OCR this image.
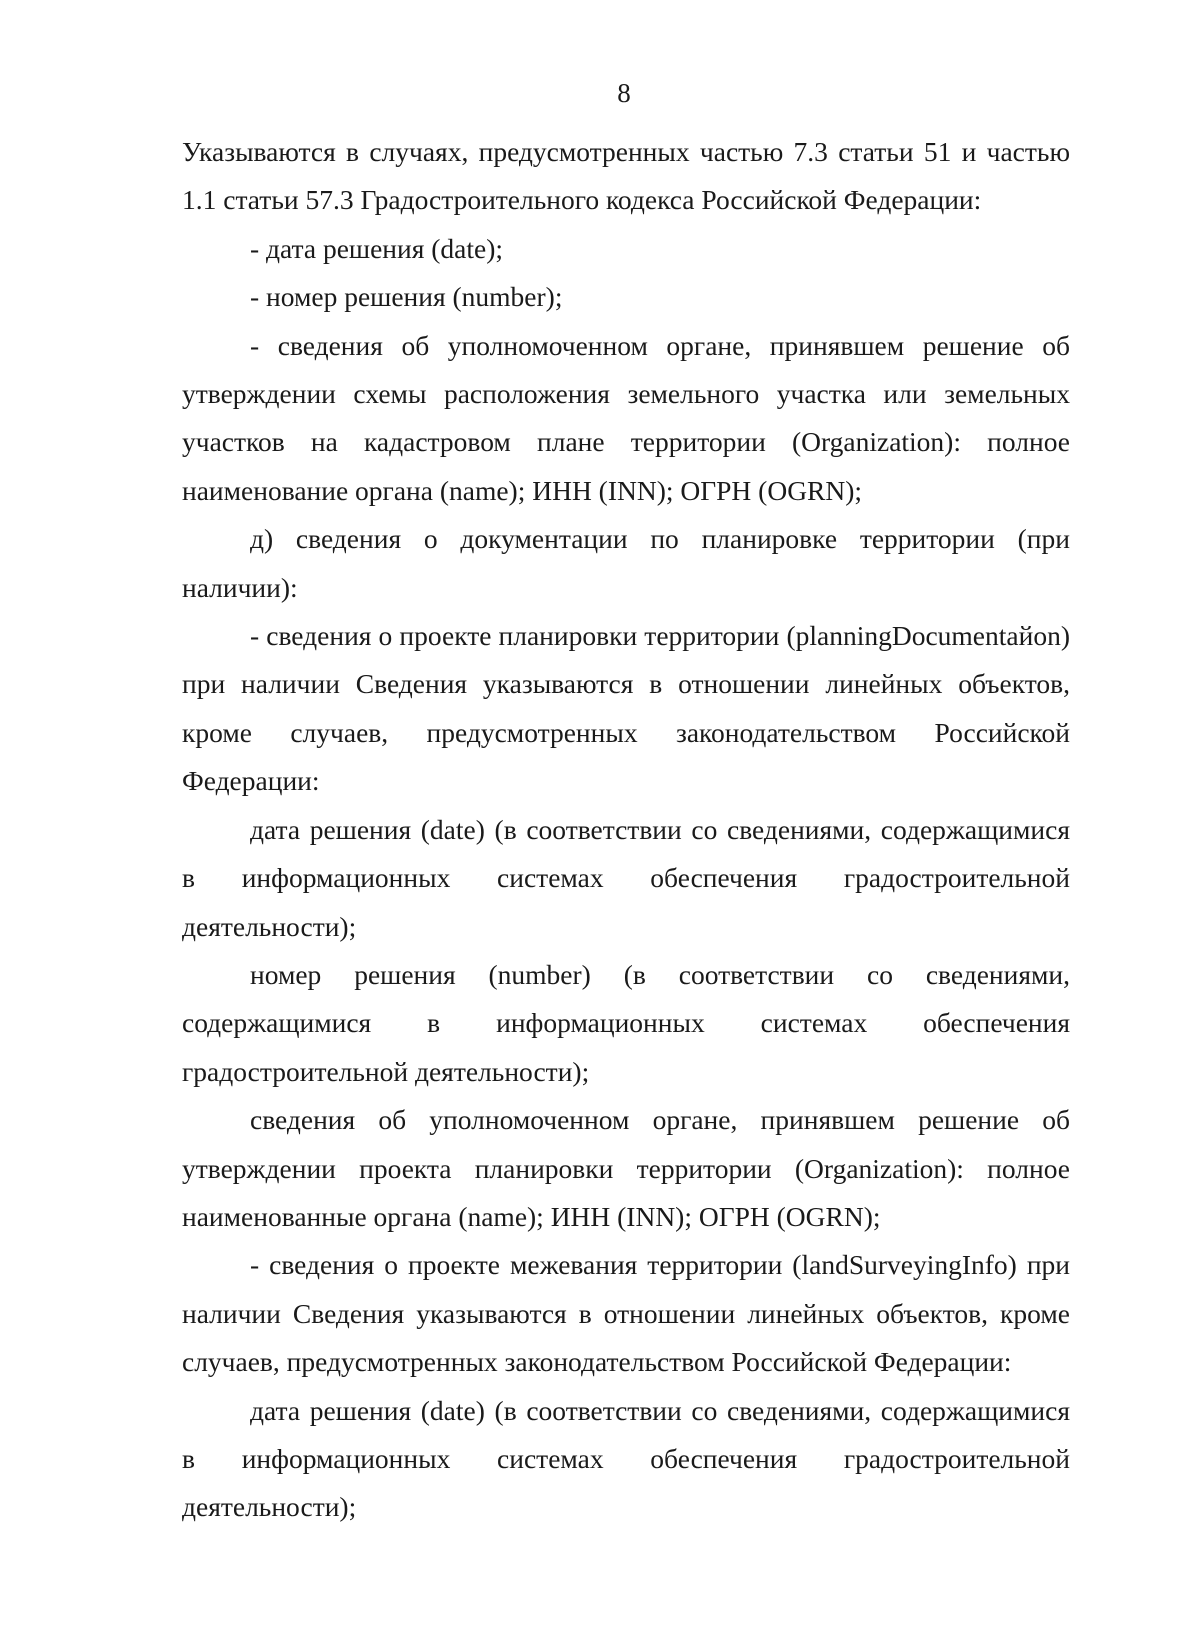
8

Указываются в случаях, предусмотренных частью 7.3 статьи 51 и частью 1.1 статьи 57.3 Градостроительного кодекса Российской Федерации:

- дата решения (date);

- номер решения (number);

- сведения об уполномоченном органе, принявшем решение об утверждении схемы расположения земельного участка или земельных участков на кадастровом плане территории (Organization): полное наименование органа (name); ИНН (INN); ОГРН (OGRN);

д) сведения о документации по планировке территории (при наличии):

- сведения о проекте планировки территории (planningDocumentaйon) при наличии Сведения указываются в отношении линейных объектов, кроме случаев, предусмотренных законодательством Российской Федерации:

дата решения (date) (в соответствии со сведениями, содержащимися в информационных системах обеспечения градостроительной деятельности);

номер решения (number) (в соответствии со сведениями, содержащимися в информационных системах обеспечения градостроительной деятельности);

сведения об уполномоченном органе, принявшем решение об утверждении проекта планировки территории (Organization): полное наименованные органа (name); ИНН (INN); ОГРН (OGRN);

- сведения о проекте межевания территории (landSurveyingInfo) при наличии Сведения указываются в отношении линейных объектов, кроме случаев, предусмотренных законодательством Российской Федерации:

дата решения (date) (в соответствии со сведениями, содержащимися в информационных системах обеспечения градостроительной деятельности);
